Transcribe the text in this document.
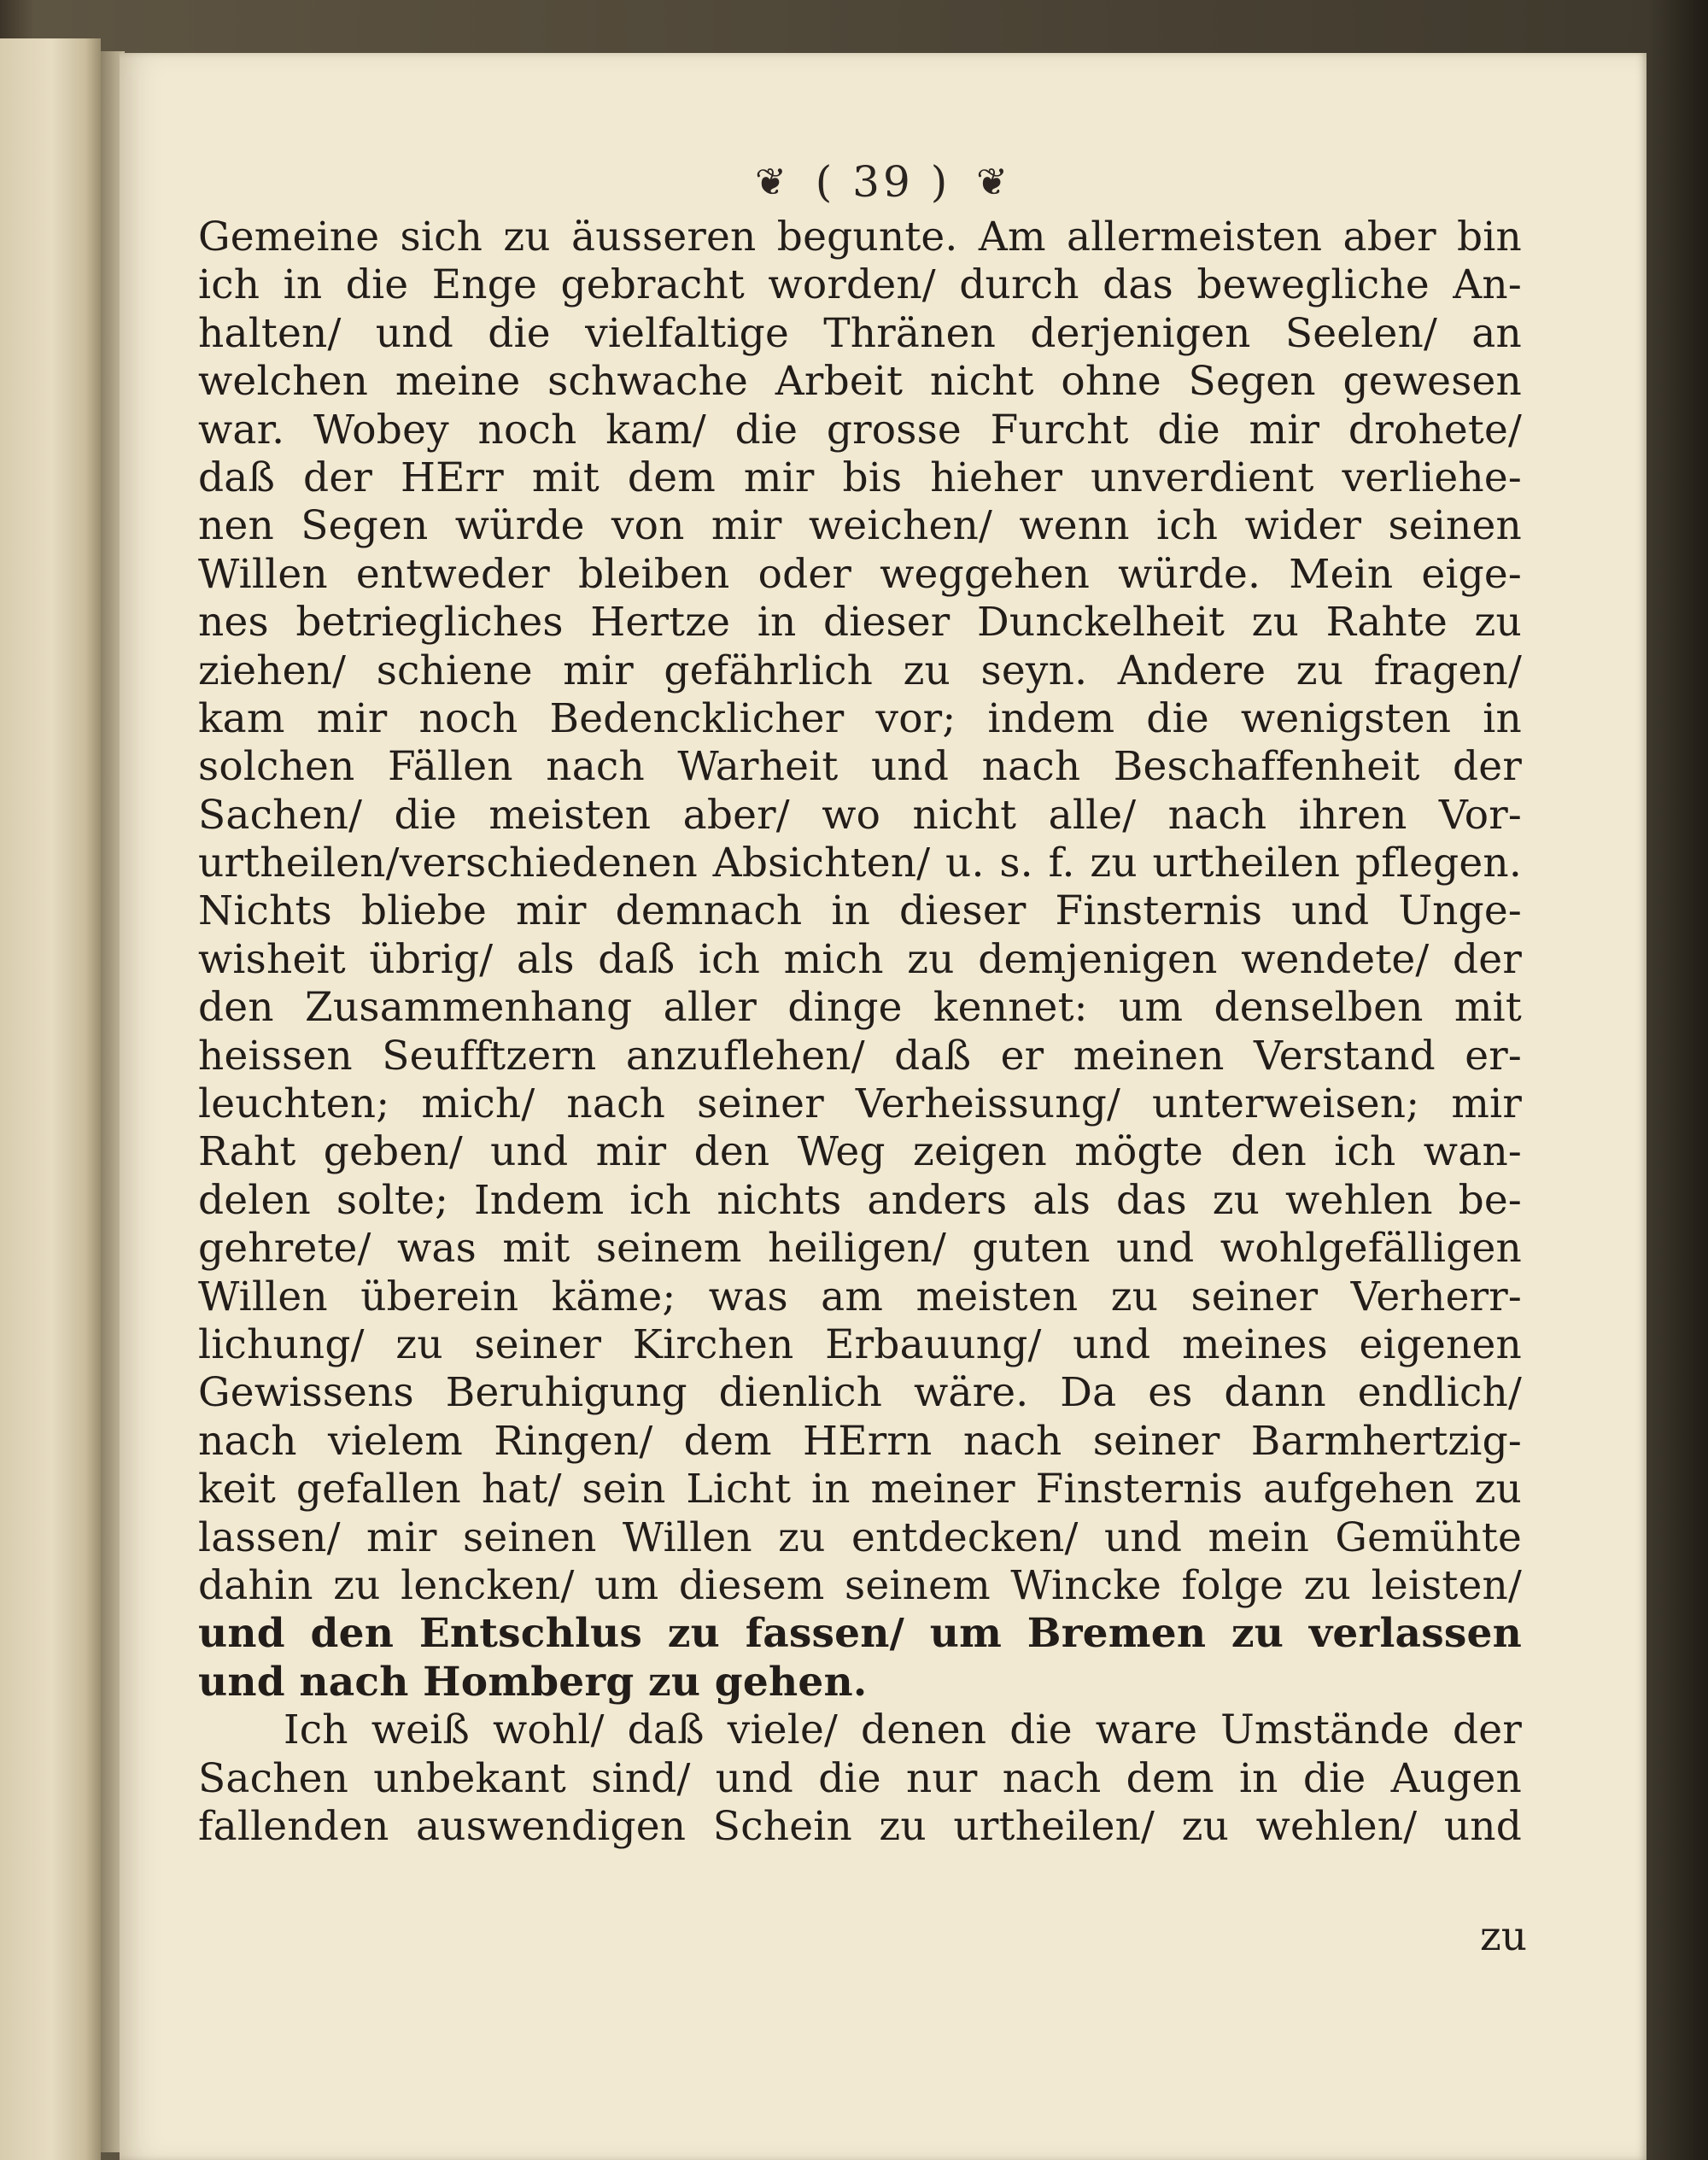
❦ ( 39 ) ❦
Gemeine sich zu äusseren begunte. Am allermeisten aber bin
ich in die Enge gebracht worden/ durch das bewegliche An-
halten/ und die vielfaltige Thränen derjenigen Seelen/ an
welchen meine schwache Arbeit nicht ohne Segen gewesen
war. Wobey noch kam/ die grosse Furcht die mir drohete/
daß der HErr mit dem mir bis hieher unverdient verliehe-
nen Segen würde von mir weichen/ wenn ich wider seinen
Willen entweder bleiben oder weggehen würde. Mein eige-
nes betriegliches Hertze in dieser Dunckelheit zu Rahte zu
ziehen/ schiene mir gefährlich zu seyn. Andere zu fragen/
kam mir noch Bedencklicher vor; indem die wenigsten in
solchen Fällen nach Warheit und nach Beschaffenheit der
Sachen/ die meisten aber/ wo nicht alle/ nach ihren Vor-
urtheilen/verschiedenen Absichten/ u. s. f. zu urtheilen pflegen.
Nichts bliebe mir demnach in dieser Finsternis und Unge-
wisheit übrig/ als daß ich mich zu demjenigen wendete/ der
den Zusammenhang aller dinge kennet: um denselben mit
heissen Seufftzern anzuflehen/ daß er meinen Verstand er-
leuchten; mich/ nach seiner Verheissung/ unterweisen; mir
Raht geben/ und mir den Weg zeigen mögte den ich wan-
delen solte; Indem ich nichts anders als das zu wehlen be-
gehrete/ was mit seinem heiligen/ guten und wohlgefälligen
Willen überein käme; was am meisten zu seiner Verherr-
lichung/ zu seiner Kirchen Erbauung/ und meines eigenen
Gewissens Beruhigung dienlich wäre. Da es dann endlich/
nach vielem Ringen/ dem HErrn nach seiner Barmhertzig-
keit gefallen hat/ sein Licht in meiner Finsternis aufgehen zu
lassen/ mir seinen Willen zu entdecken/ und mein Gemühte
dahin zu lencken/ um diesem seinem Wincke folge zu leisten/
und den Entschlus zu fassen/ um Bremen zu verlassen
und nach Homberg zu gehen.
Ich weiß wohl/ daß viele/ denen die ware Umstände der
Sachen unbekant sind/ und die nur nach dem in die Augen
fallenden auswendigen Schein zu urtheilen/ zu wehlen/ und
zu
